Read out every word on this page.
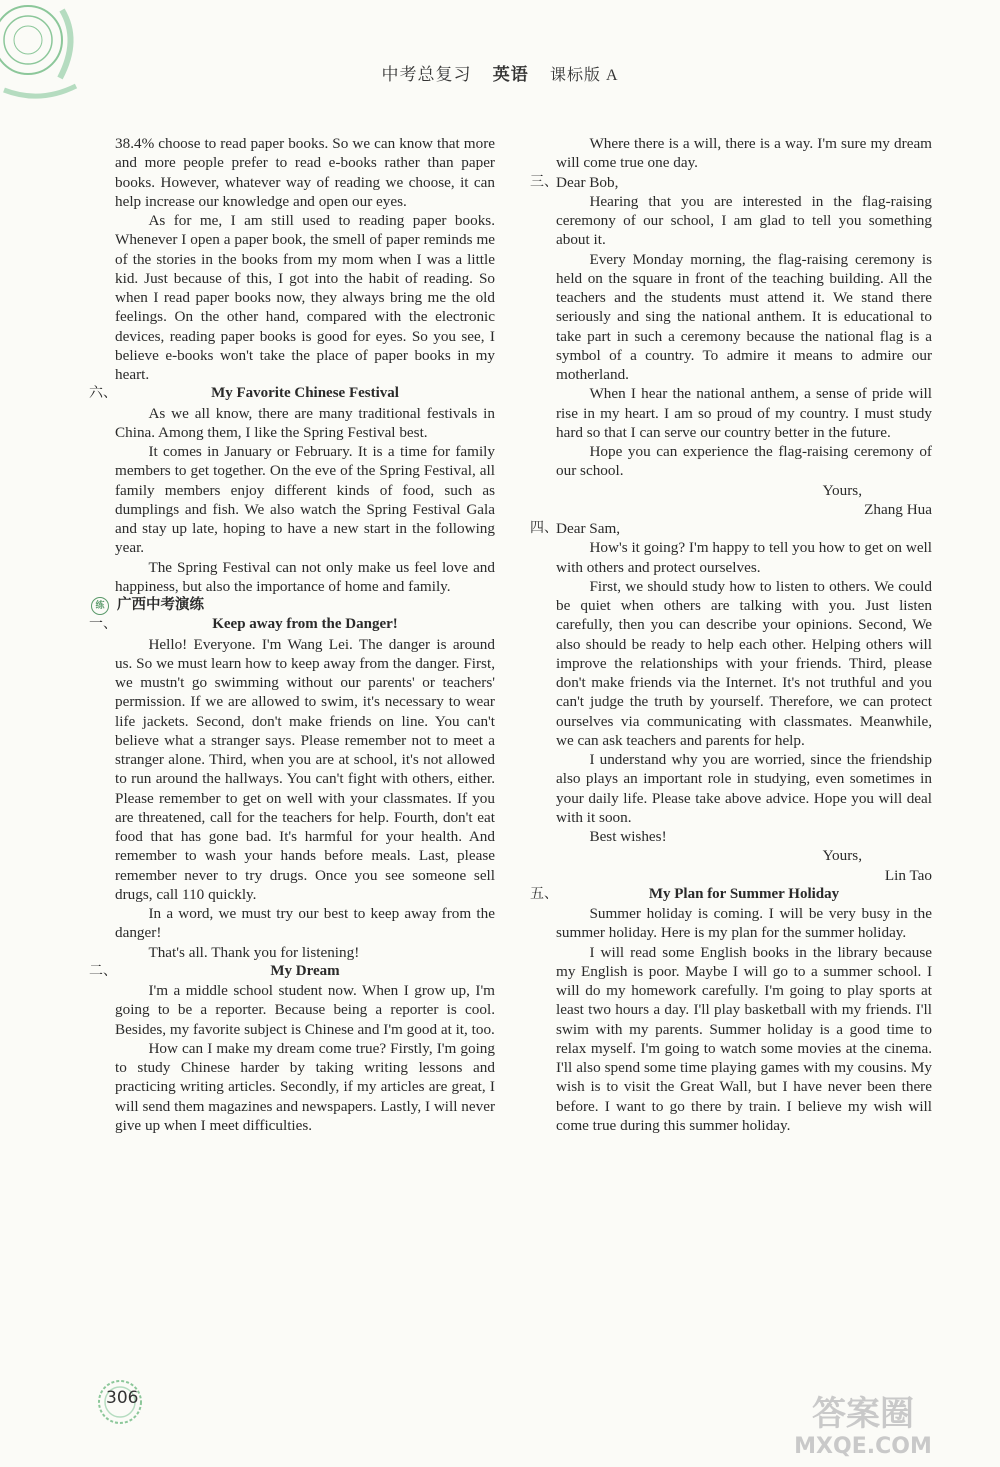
中考总复习 英语 课标版 A

38.4% choose to read paper books. So we can know that more and more people prefer to read e-books rather than paper books. However, whatever way of reading we choose, it can help increase our knowledge and open our eyes.

As for me, I am still used to reading paper books. Whenever I open a paper book, the smell of paper reminds me of the stories in the books from my mom when I was a little kid. Just because of this, I got into the habit of reading. So when I read paper books now, they always bring me the old feelings. On the other hand, compared with the electronic devices, reading paper books is good for eyes. So you see, I believe e-books won't take the place of paper books in my heart.

六、	My Favorite Chinese Festival

As we all know, there are many traditional festivals in China. Among them, I like the Spring Festival best.

It comes in January or February. It is a time for family members to get together. On the eve of the Spring Festival, all family members enjoy different kinds of food, such as dumplings and fish. We also watch the Spring Festival Gala and stay up late, hoping to have a new start in the following year.

The Spring Festival can not only make us feel love and happiness, but also the importance of home and family.

练 广西中考演练
一、	Keep away from the Danger!

Hello! Everyone. I'm Wang Lei. The danger is around us. So we must learn how to keep away from the danger. First, we mustn't go swimming without our parents' or teachers' permission. If we are allowed to swim, it's necessary to wear life jackets. Second, don't make friends on line. You can't believe what a stranger says. Please remember not to meet a stranger alone. Third, when you are at school, it's not allowed to run around the hallways. You can't fight with others, either. Please remember to get on well with your classmates. If you are threatened, call for the teachers for help. Fourth, don't eat food that has gone bad. It's harmful for your health. And remember to wash your hands before meals. Last, please remember never to try drugs. Once you see someone sell drugs, call 110 quickly.

In a word, we must try our best to keep away from the danger!

That's all. Thank you for listening!

二、	My Dream

I'm a middle school student now. When I grow up, I'm going to be a reporter. Because being a reporter is cool. Besides, my favorite subject is Chinese and I'm good at it, too.

How can I make my dream come true? Firstly, I'm going to study Chinese harder by taking writing lessons and practicing writing articles. Secondly, if my articles are great, I will send them magazines and newspapers. Lastly, I will never give up when I meet difficulties.

Where there is a will, there is a way. I'm sure my dream will come true one day.

三、
Dear Bob,

Hearing that you are interested in the flag-raising ceremony of our school, I am glad to tell you something about it.

Every Monday morning, the flag-raising ceremony is held on the square in front of the teaching building. All the teachers and the students must attend it. We stand there seriously and sing the national anthem. It is educational to take part in such a ceremony because the national flag is a symbol of a country. To admire it means to admire our motherland.

When I hear the national anthem, a sense of pride will rise in my heart. I am so proud of my country. I must study hard so that I can serve our country better in the future.

Hope you can experience the flag-raising ceremony of our school.

Yours,

Zhang Hua

四、
Dear Sam,

How's it going? I'm happy to tell you how to get on well with others and protect ourselves.

First, we should study how to listen to others. We could be quiet when others are talking with you. Just listen carefully, then you can describe your opinions. Second, We also should be ready to help each other. Helping others will improve the relationships with your friends. Third, please don't make friends via the Internet. It's not truthful and you can't judge the truth by yourself. Therefore, we can protect ourselves via communicating with classmates. Meanwhile, we can ask teachers and parents for help.

I understand why you are worried, since the friendship also plays an important role in studying, even sometimes in your daily life. Please take above advice. Hope you will deal with it soon.

Best wishes!

Yours,

Lin Tao

五、	My Plan for Summer Holiday

Summer holiday is coming. I will be very busy in the summer holiday. Here is my plan for the summer holiday.

I will read some English books in the library because my English is poor. Maybe I will go to a summer school. I will do my homework carefully. I'm going to play sports at least two hours a day. I'll play basketball with my friends. I'll swim with my parents. Summer holiday is a good time to relax myself. I'm going to watch some movies at the cinema. I'll also spend some time playing games with my cousins. My wish is to visit the Great Wall, but I have never been there before. I want to go there by train. I believe my wish will come true during this summer holiday.

306	答案圈
MXQE.COM
